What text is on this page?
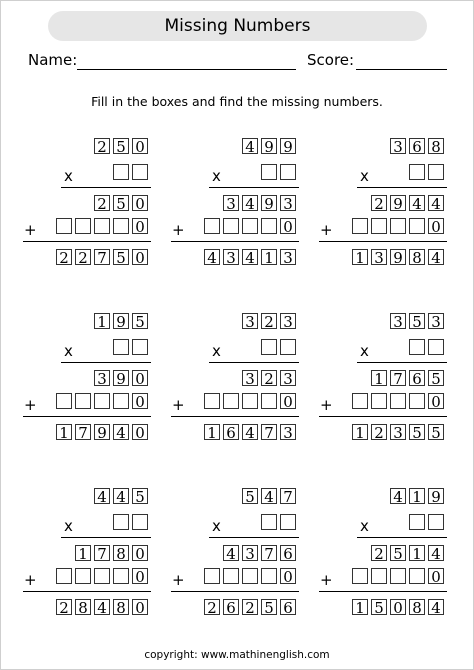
Missing Numbers
Name:	Score:
Fill in the boxes and find the missing numbers.
2 5 0
x
2 5 0
+	0
2 2 7 5 0
4 9 9
x
3 4 9 3
+	0
4 3 4 1 3
3 6 8
x
2 9 4 4
+	0
1 3 9 8 4
1 9 5
x
3 9 0
+	0
1 7 9 4 0
3 2 3
x
3 2 3
+	0
1 6 4 7 3
3 5 3
x
1 7 6 5
+	0
1 2 3 5 5
4 4 5
x
1 7 8 0
+	0
2 8 4 8 0
5 4 7
x
4 3 7 6
+	0
2 6 2 5 6
4 1 9
x
2 5 1 4
+	0
1 5 0 8 4
copyright: www.mathinenglish.com
